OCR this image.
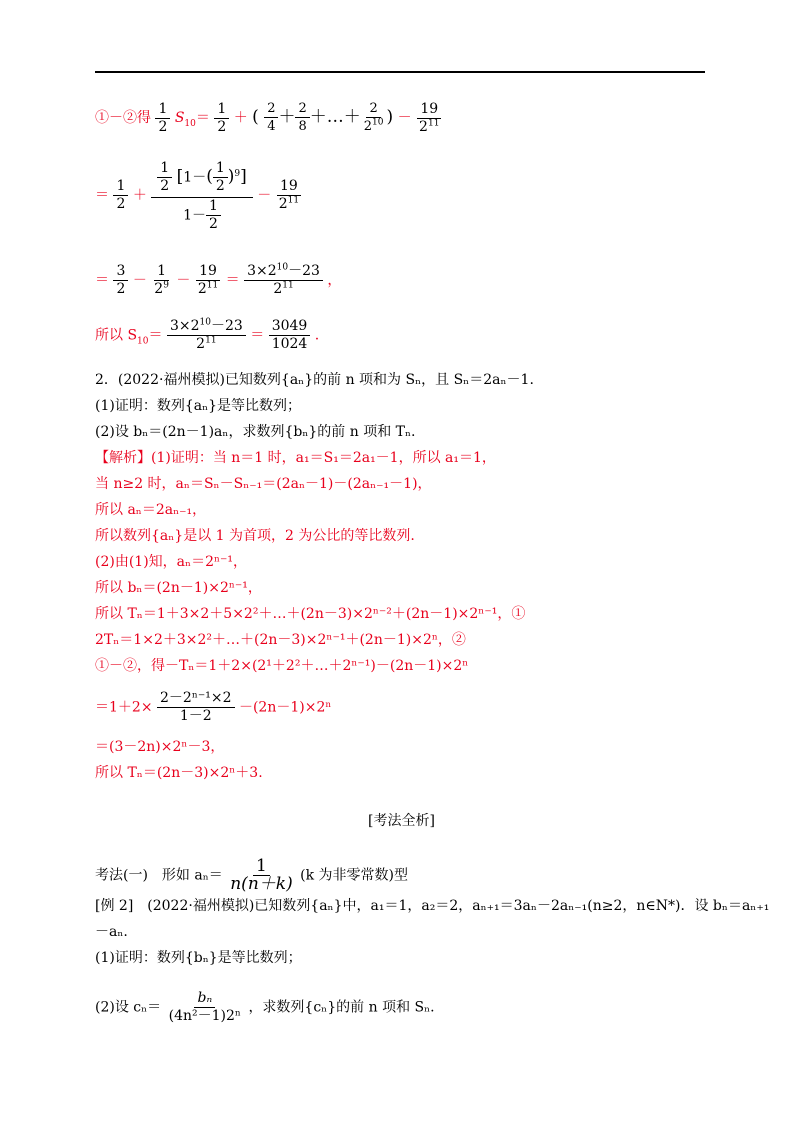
①－②得 $\frac{1}{2} S_{10}= \frac{1}{2}$ ＋ ( $\frac{2}{4} + \frac{2}{8}$ ＋…＋ $\frac{2}{2^{10}}$ ) － $\frac{19}{2^{11}}$
＝ $\frac{1}{2} + \frac{\frac{1}{2} [1-( \frac{1}{2} )^9]}{1- \frac{1}{2}} - \frac{19}{2^{11}}$
＝ $\frac{3}{2} - \frac{1}{2^9} - \frac{19}{2^{11}} = \frac{3\times 2^{10}-23}{2^{11}}$ ，
所以 $S_{10}= \frac{3\times 2^{10}-23}{2^{11}} = \frac{3049}{1024}$ .
2．(2022·福州模拟)已知数列{aₙ}的前 n 项和为 Sₙ，且 Sₙ＝2aₙ－1.
(1)证明：数列{aₙ}是等比数列；
(2)设 bₙ＝(2n－1)aₙ，求数列{bₙ}的前 n 项和 Tₙ.
【解析】(1)证明：当 n＝1 时，a₁＝S₁＝2a₁－1，所以 a₁＝1，
当 n≥2 时，aₙ＝Sₙ－Sₙ₋₁＝(2aₙ－1)－(2aₙ₋₁－1)，
所以 aₙ＝2aₙ₋₁，
所以数列{aₙ}是以 1 为首项，2 为公比的等比数列.
(2)由(1)知，aₙ＝2ⁿ⁻¹，
所以 bₙ＝(2n－1)×2ⁿ⁻¹，
所以 Tₙ＝1＋3×2＋5×2²＋…＋(2n－3)×2ⁿ⁻²＋(2n－1)×2ⁿ⁻¹，①
2Tₙ＝1×2＋3×2²＋…＋(2n－3)×2ⁿ⁻¹＋(2n－1)×2ⁿ，②
①－②，得－Tₙ＝1＋2×(2¹＋2²＋…＋2ⁿ⁻¹)－(2n－1)×2ⁿ
$=1+2\times \frac{\text{2－2ⁿ⁻¹×2}}{1-2} -(2n-1)\times 2^n$
＝(3－2n)×2ⁿ－3，
所以 Tₙ＝(2n－3)×2ⁿ＋3.
[考法全析]
考法(一)　形如 $a_n= \frac{1}{n(n+k)} (k$ 为非零常数)型
[例 2]　(2022·福州模拟)已知数列{aₙ}中，a₁＝1，a₂＝2，aₙ₊₁＝3aₙ－2aₙ₋₁(n≥2，n∈N*)．设 bₙ＝aₙ₊₁
－aₙ.
(1)证明：数列{bₙ}是等比数列；
(2)设 $c_n= \frac{\text{bₙ}}{\text{(4n²－1)2ⁿ}}$ ，求数列{cₙ}的前 n 项和 Sₙ.
